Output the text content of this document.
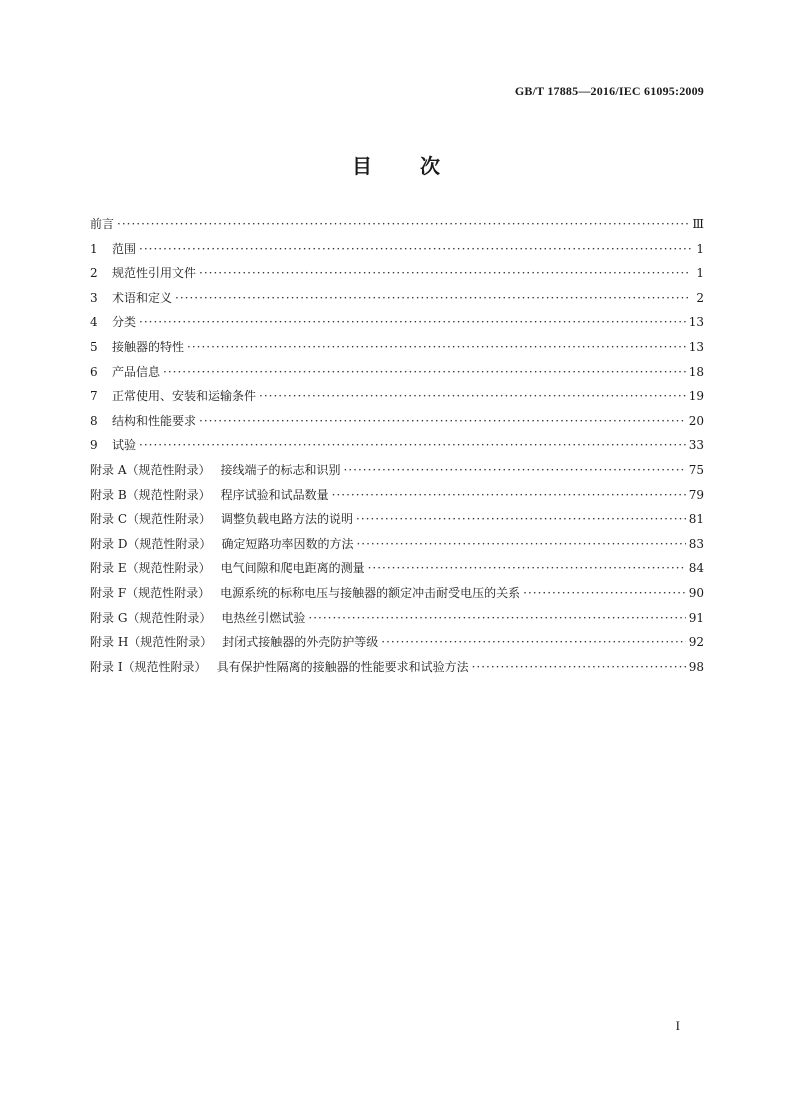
GB/T 17885—2016/IEC 61095:2009
目 次
前言 ·····	Ⅲ
1	范围 ·····	1
2	规范性引用文件 ·····	1
3	术语和定义 ·····	2
4	分类 ·····	13
5	接触器的特性 ·····	13
6	产品信息 ·····	18
7	正常使用、安装和运输条件 ·····	19
8	结构和性能要求 ·····	20
9	试验 ·····	33
附录 A（规范性附录） 接线端子的标志和识别 ·····	75
附录 B（规范性附录） 程序试验和试品数量 ·····	79
附录 C（规范性附录） 调整负载电路方法的说明 ·····	81
附录 D（规范性附录） 确定短路功率因数的方法 ·····	83
附录 E（规范性附录） 电气间隙和爬电距离的测量 ·····	84
附录 F（规范性附录） 电源系统的标称电压与接触器的额定冲击耐受电压的关系 ·····	90
附录 G（规范性附录） 电热丝引燃试验 ·····	91
附录 H（规范性附录） 封闭式接触器的外壳防护等级 ·····	92
附录 I（规范性附录） 具有保护性隔离的接触器的性能要求和试验方法 ·····	98
I
